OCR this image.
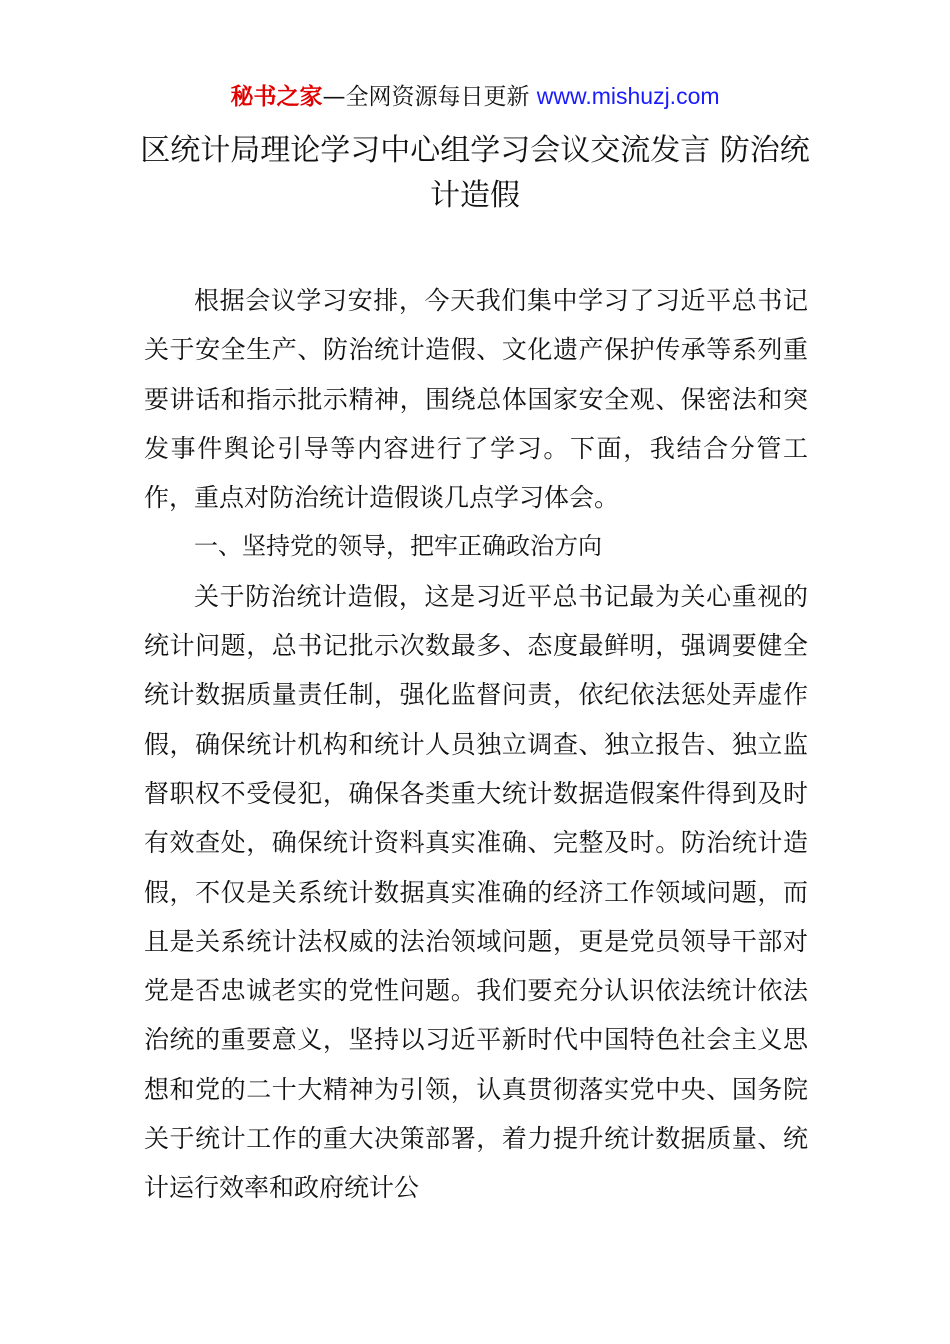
秘书之家—全网资源每日更新 www.mishuzj.com
区统计局理论学习中心组学习会议交流发言 防治统计造假

根据会议学习安排，今天我们集中学习了习近平总书记关于安全生产、防治统计造假、文化遗产保护传承等系列重要讲话和指示批示精神，围绕总体国家安全观、保密法和突发事件舆论引导等内容进行了学习。下面，我结合分管工作，重点对防治统计造假谈几点学习体会。

一、坚持党的领导，把牢正确政治方向

关于防治统计造假，这是习近平总书记最为关心重视的统计问题，总书记批示次数最多、态度最鲜明，强调要健全统计数据质量责任制，强化监督问责，依纪依法惩处弄虚作假，确保统计机构和统计人员独立调查、独立报告、独立监督职权不受侵犯，确保各类重大统计数据造假案件得到及时有效查处，确保统计资料真实准确、完整及时。防治统计造假，不仅是关系统计数据真实准确的经济工作领域问题，而且是关系统计法权威的法治领域问题，更是党员领导干部对党是否忠诚老实的党性问题。我们要充分认识依法统计依法治统的重要意义，坚持以习近平新时代中国特色社会主义思想和党的二十大精神为引领，认真贯彻落实党中央、国务院关于统计工作的重大决策部署，着力提升统计数据质量、统计运行效率和政府统计公
